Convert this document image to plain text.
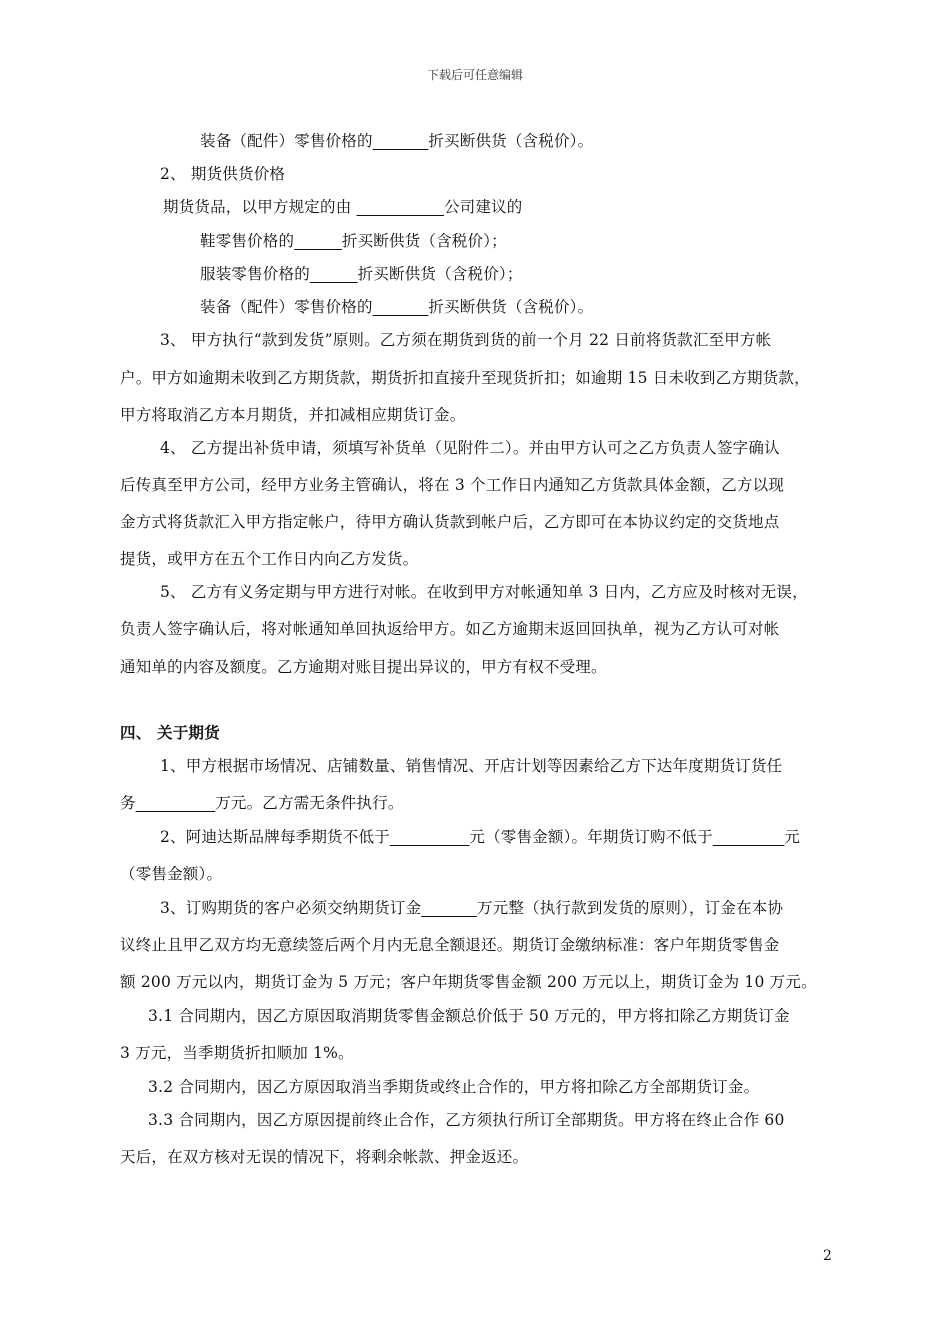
下载后可任意编辑
装备（配件）零售价格的_______折买断供货（含税价）。
2、 期货供货价格
期货货品，以甲方规定的由 ___________公司建议的
鞋零售价格的______折买断供货（含税价）；
服装零售价格的______折买断供货（含税价）；
装备（配件）零售价格的_______折买断供货（含税价）。
3、 甲方执行“款到发货”原则。乙方须在期货到货的前一个月 22 日前将货款汇至甲方帐
户。甲方如逾期未收到乙方期货款，期货折扣直接升至现货折扣；如逾期 15 日未收到乙方期货款，
甲方将取消乙方本月期货，并扣减相应期货订金。
4、 乙方提出补货申请，须填写补货单（见附件二）。并由甲方认可之乙方负责人签字确认
后传真至甲方公司，经甲方业务主管确认，将在 3 个工作日内通知乙方货款具体金额，乙方以现
金方式将货款汇入甲方指定帐户，待甲方确认货款到帐户后，乙方即可在本协议约定的交货地点
提货，或甲方在五个工作日内向乙方发货。
5、 乙方有义务定期与甲方进行对帐。在收到甲方对帐通知单 3 日内，乙方应及时核对无误，
负责人签字确认后，将对帐通知单回执返给甲方。如乙方逾期末返回回执单，视为乙方认可对帐
通知单的内容及额度。乙方逾期对账目提出异议的，甲方有权不受理。
四、 关于期货
1、甲方根据市场情况、店铺数量、销售情况、开店计划等因素给乙方下达年度期货订货任
务__________万元。乙方需无条件执行。
2、阿迪达斯品牌每季期货不低于__________元（零售金额）。年期货订购不低于_________元
（零售金额）。
3、订购期货的客户必须交纳期货订金_______万元整（执行款到发货的原则），订金在本协
议终止且甲乙双方均无意续签后两个月内无息全额退还。期货订金缴纳标准：客户年期货零售金
额 200 万元以内，期货订金为 5 万元；客户年期货零售金额 200 万元以上，期货订金为 10 万元。
3.1 合同期内，因乙方原因取消期货零售金额总价低于 50 万元的，甲方将扣除乙方期货订金
3 万元，当季期货折扣顺加 1%。
3.2 合同期内，因乙方原因取消当季期货或终止合作的，甲方将扣除乙方全部期货订金。
3.3 合同期内，因乙方原因提前终止合作，乙方须执行所订全部期货。甲方将在终止合作 60
天后，在双方核对无误的情况下，将剩余帐款、押金返还。
2
